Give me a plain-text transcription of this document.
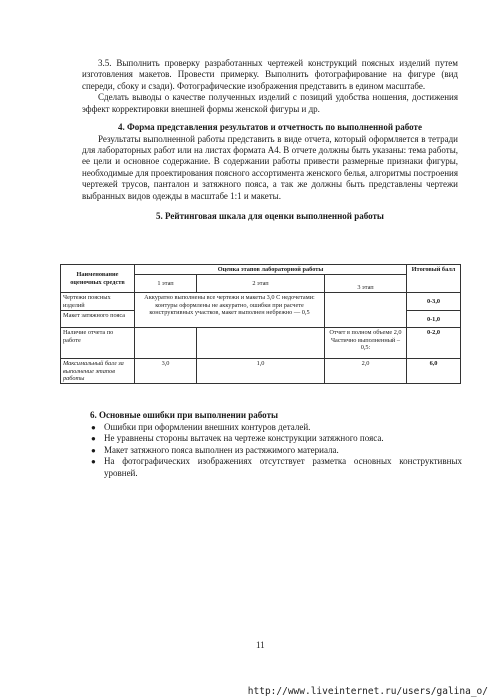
3.5. Выполнить проверку разработанных чертежей конструкций поясных изделий путем изготовления макетов. Провести примерку. Выполнить фотографирование на фигуре (вид спереди, сбоку и сзади). Фотографические изображения представить в едином масштабе.

Сделать выводы о качестве полученных изделий с позиций удобства ношения, достижения эффект корректировки внешней формы женской фигуры и др.

4. Форма представления результатов и отчетность по выполненной работе

Результаты выполненной работы представить в виде отчета, который оформляется в тетради для лабораторных работ или на листах формата А4. В отчете должны быть указаны: тема работы, ее цели и основное содержание. В содержании работы привести размерные признаки фигуры, необходимые для проектирования поясного ассортимента женского белья, алгоритмы построения чертежей трусов, панталон и затяжного пояса, а так же должны быть представлены чертежи выбранных видов одежды в масштабе 1:1 и макеты.

5. Рейтинговая шкала для оценки выполненной работы

Наименование оценочных средств	Оценка этапов лабораторной работы			Итоговый балл
	1 этап	2 этап	3 этап	
Чертежи поясных изделий	Аккуратно выполнены все чертежи и макеты 3,0 С недочетами: контуры оформлены не аккуратно, ошибки при расчете конструктивных участков, макет выполнен небрежно — 0,5			0-3,0
Макет затяжного пояса				0-1,0
Наличие отчета по работе			Отчет в полном объеме 2,0 Частично выполненный – 0,5:	0-2,0
Максимальный балл за выполнение этапов работы	3,0	1,0	2,0	6,0

6. Основные ошибки при выполнении работы

● Ошибки при оформлении внешних контуров деталей.
● Не уравнены стороны вытачек на чертеже конструкции затяжного пояса.
● Макет затяжного пояса выполнен из растяжимого материала.
● На фотографических изображениях отсутствует разметка основных конструктивных уровней.
11
http://www.liveinternet.ru/users/galina_o/
